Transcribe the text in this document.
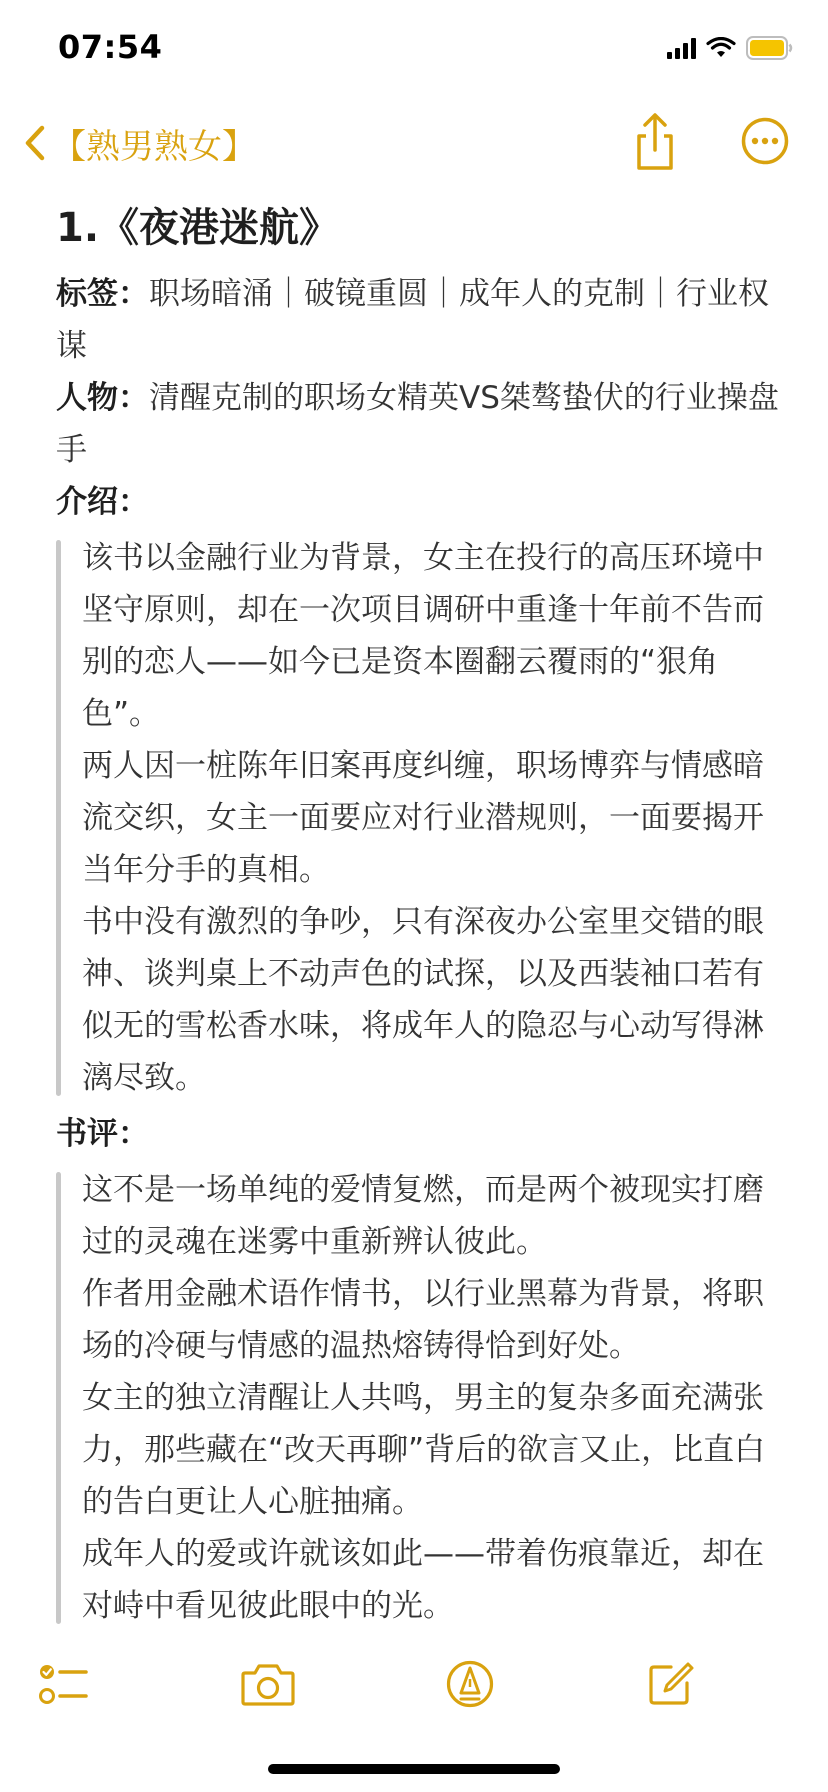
07:54
【熟男熟女】
1.《夜港迷航》

标签：职场暗涌｜破镜重圆｜成年人的克制｜行业权谋

人物：清醒克制的职场女精英VS桀骜蛰伏的行业操盘手

介绍：

该书以金融行业为背景，女主在投行的高压环境中坚守原则，却在一次项目调研中重逢十年前不告而别的恋人——如今已是资本圈翻云覆雨的“狠角色”。

两人因一桩陈年旧案再度纠缠，职场博弈与情感暗流交织，女主一面要应对行业潜规则，一面要揭开当年分手的真相。

书中没有激烈的争吵，只有深夜办公室里交错的眼神、谈判桌上不动声色的试探，以及西装袖口若有似无的雪松香水味，将成年人的隐忍与心动写得淋漓尽致。

书评：

这不是一场单纯的爱情复燃，而是两个被现实打磨过的灵魂在迷雾中重新辨认彼此。

作者用金融术语作情书，以行业黑幕为背景，将职场的冷硬与情感的温热熔铸得恰到好处。

女主的独立清醒让人共鸣，男主的复杂多面充满张力，那些藏在“改天再聊”背后的欲言又止，比直白的告白更让人心脏抽痛。

成年人的爱或许就该如此——带着伤痕靠近，却在对峙中看见彼此眼中的光。
